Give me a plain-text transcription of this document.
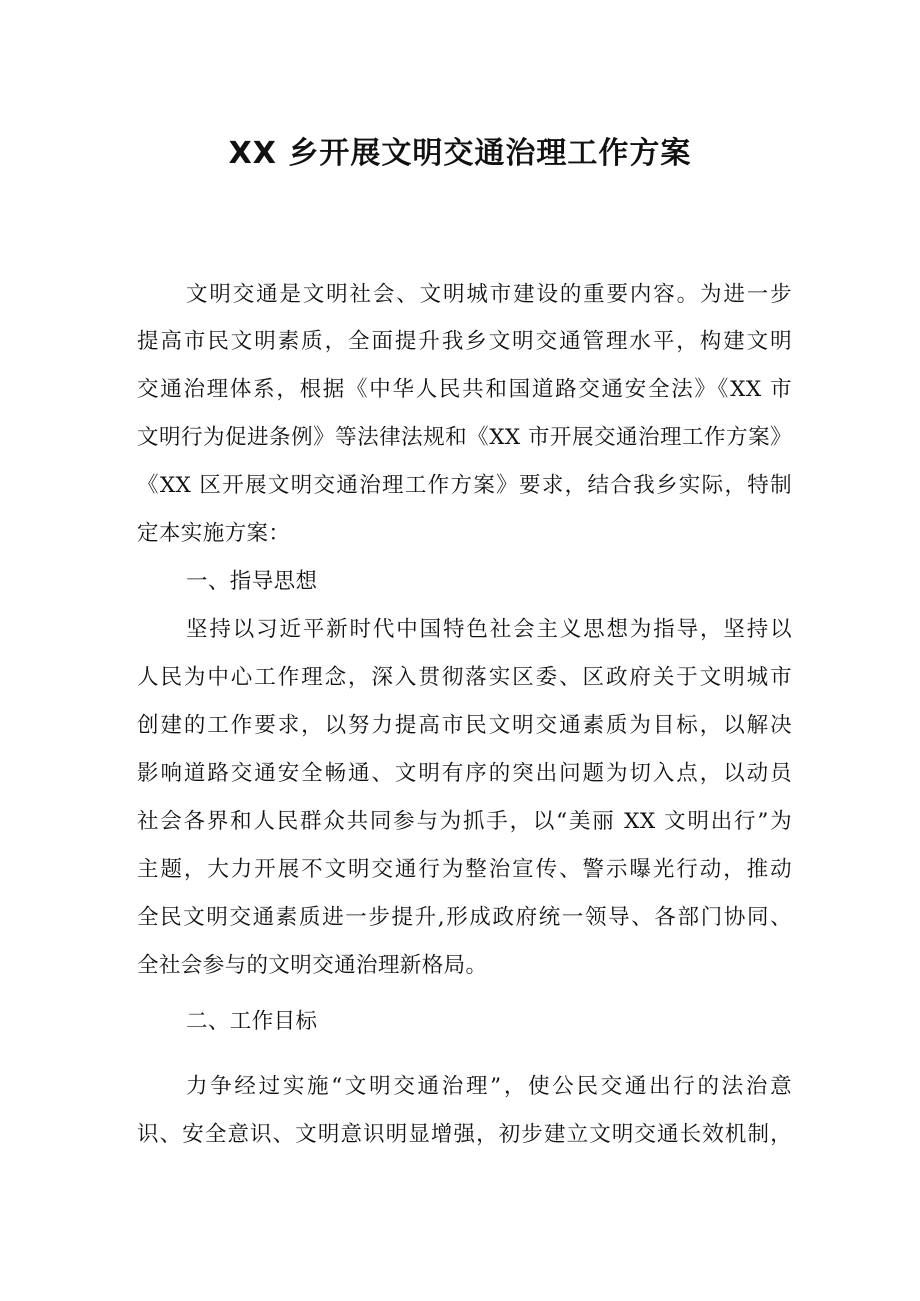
XX 乡开展文明交通治理工作方案

文明交通是文明社会、文明城市建设的重要内容。为进一步

提高市民文明素质，全面提升我乡文明交通管理水平，构建文明

交通治理体系，根据《中华人民共和国道路交通安全法》《XX 市

文明行为促进条例》等法律法规和《XX 市开展交通治理工作方案》

《XX 区开展文明交通治理工作方案》要求，结合我乡实际，特制

定本实施方案：

一、指导思想

坚持以习近平新时代中国特色社会主义思想为指导，坚持以

人民为中心工作理念，深入贯彻落实区委、区政府关于文明城市

创建的工作要求，以努力提高市民文明交通素质为目标，以解决

影响道路交通安全畅通、文明有序的突出问题为切入点，以动员

社会各界和人民群众共同参与为抓手，以“美丽 XX 文明出行”为

主题，大力开展不文明交通行为整治宣传、警示曝光行动，推动

全民文明交通素质进一步提升,形成政府统一领导、各部门协同、

全社会参与的文明交通治理新格局。

二、工作目标

力争经过实施“文明交通治理”，使公民交通出行的法治意

识、安全意识、文明意识明显增强，初步建立文明交通长效机制，
